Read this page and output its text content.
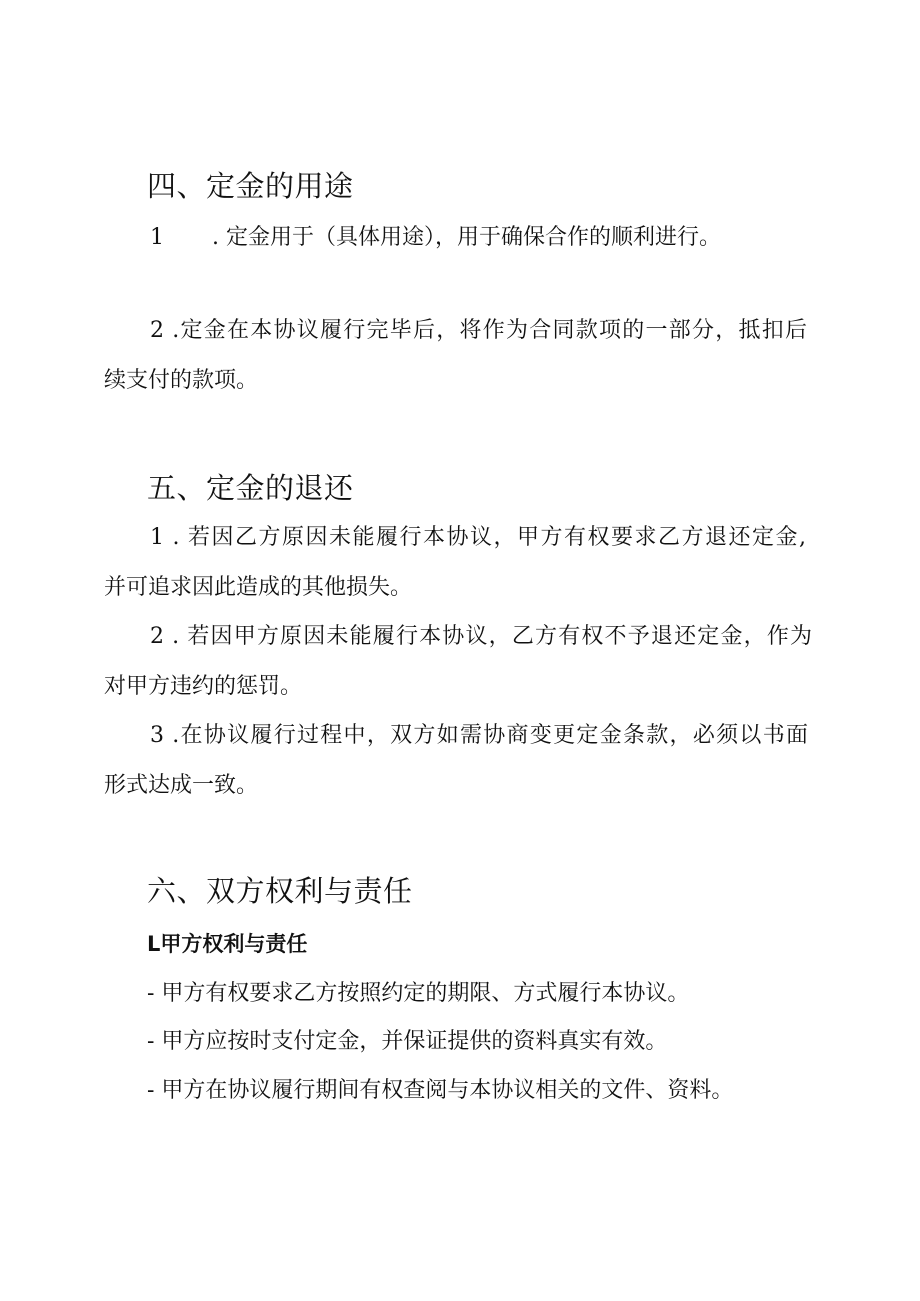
四、定金的用途
1 . 定金用于（具体用途），用于确保合作的顺利进行。
2 .定金在本协议履行完毕后，将作为合同款项的一部分，抵扣后
续支付的款项。
五、定金的退还
1 . 若因乙方原因未能履行本协议，甲方有权要求乙方退还定金,
并可追求因此造成的其他损失。
2 . 若因甲方原因未能履行本协议，乙方有权不予退还定金，作为
对甲方违约的惩罚。
3 .在协议履行过程中，双方如需协商变更定金条款，必须以书面
形式达成一致。
六、双方权利与责任
L甲方权利与责任
- 甲方有权要求乙方按照约定的期限、方式履行本协议。
- 甲方应按时支付定金，并保证提供的资料真实有效。
- 甲方在协议履行期间有权查阅与本协议相关的文件、资料。
